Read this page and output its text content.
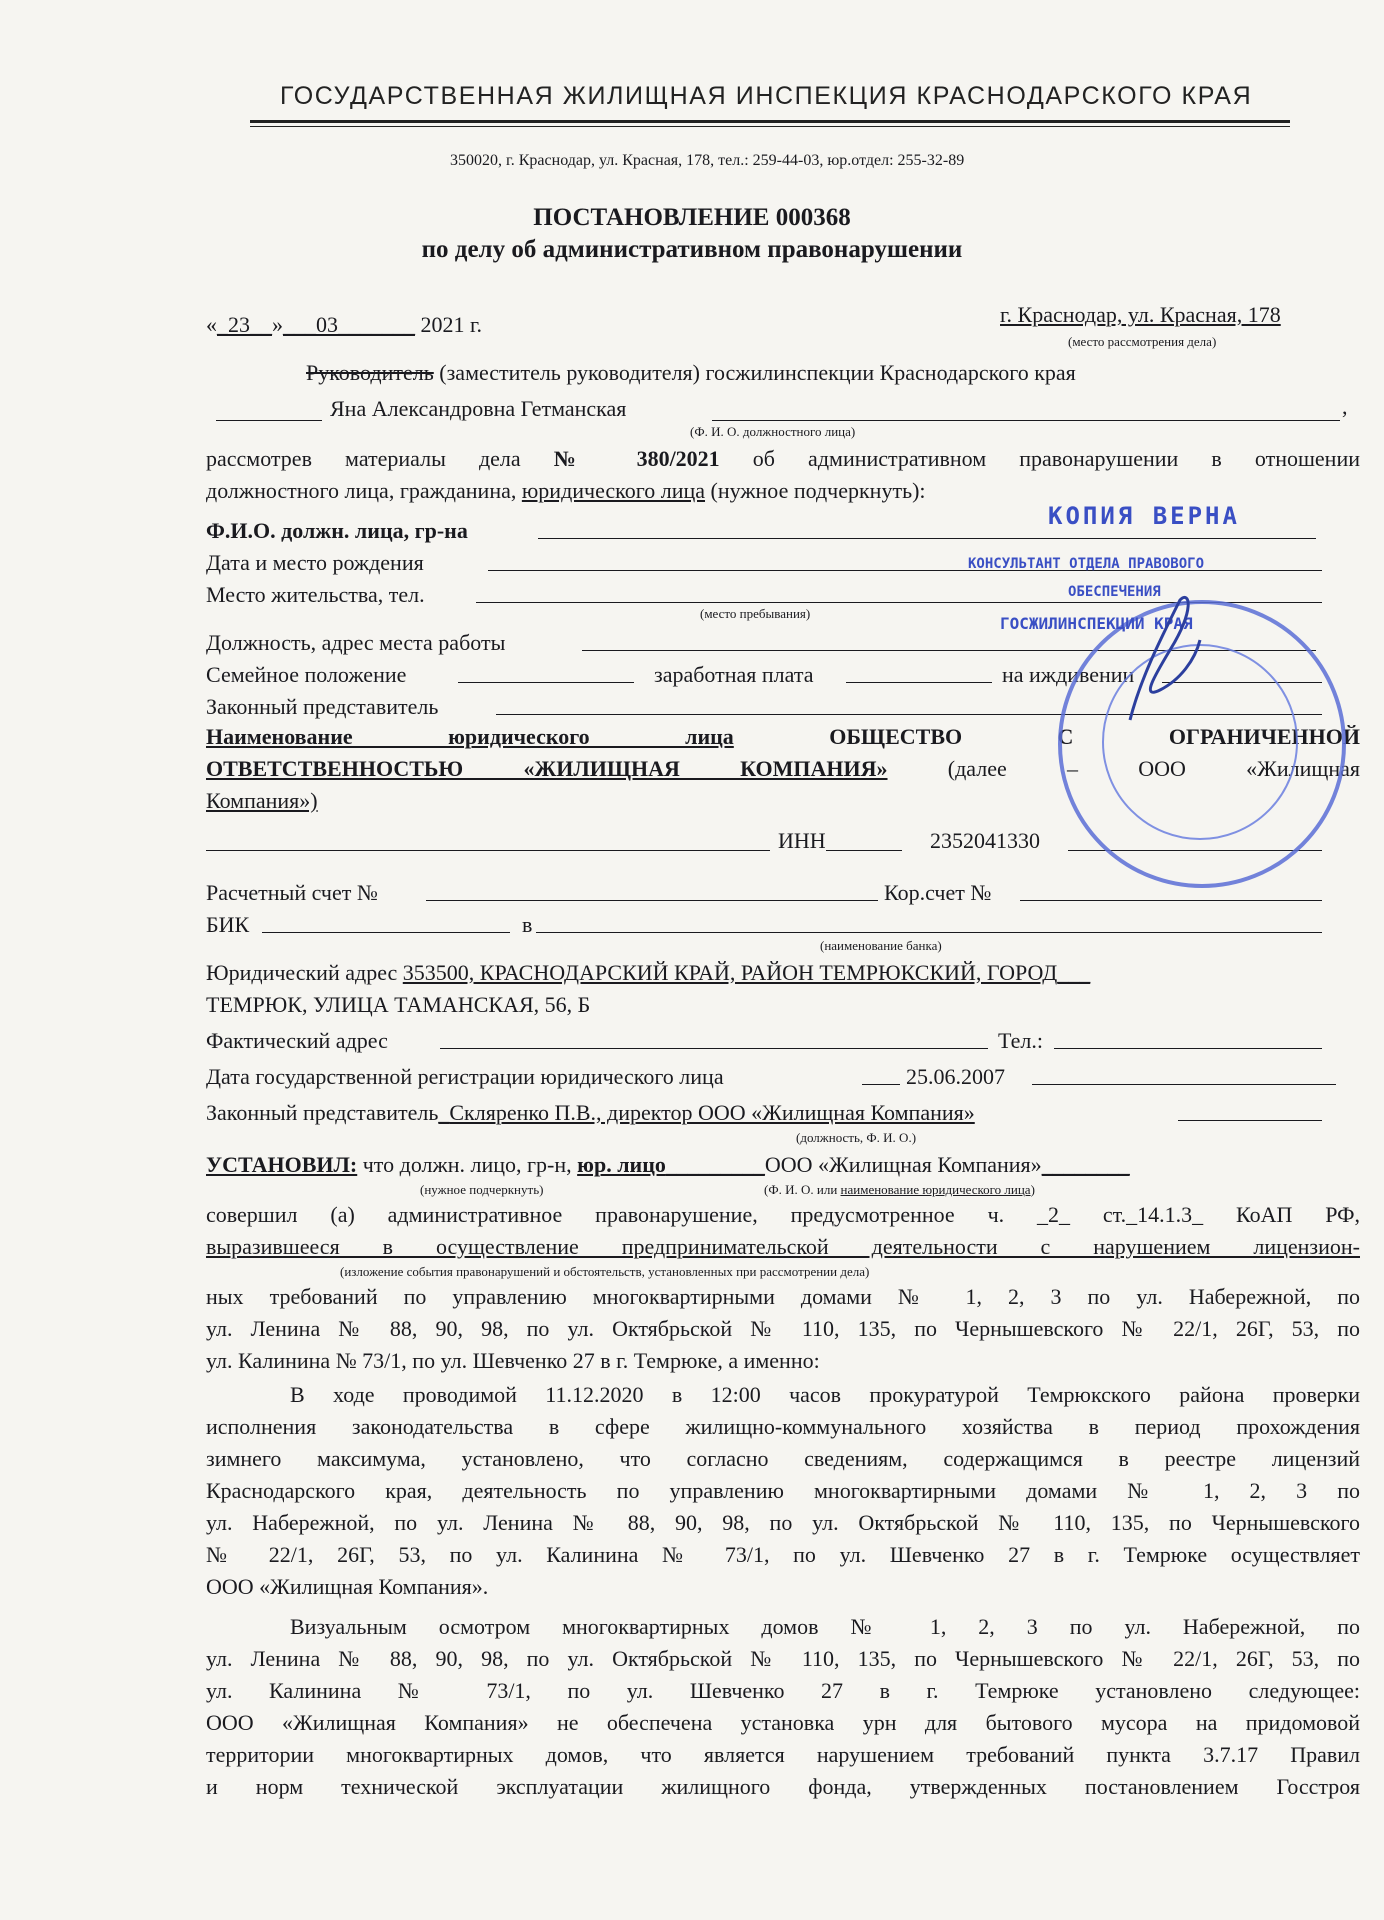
ГОСУДАРСТВЕННАЯ ЖИЛИЩНАЯ ИНСПЕКЦИЯ КРАСНОДАРСКОГО КРАЯ
350020, г. Краснодар, ул. Красная, 178, тел.: 259-44-03, юр.отдел: 255-32-89
ПОСТАНОВЛЕНИЕ 000368
по делу об административном правонарушении
«_23__»___03_______ 2021 г.	г. Краснодар, ул. Красная, 178
(место рассмотрения дела)
Руководитель (заместитель руководителя) госжилинспекции Краснодарского края
Яна Александровна Гетманская	,
(Ф. И. О. должностного лица)
рассмотрев материалы дела № 380/2021 об административном правонарушении в отношении
должностного лица, гражданина, юридического лица (нужное подчеркнуть):
Ф.И.О. должн. лица, гр-на
Дата и место рождения
Место жительства, тел.
(место пребывания)
Должность, адрес места работы
Семейное положение	заработная плата	на иждивении
Законный представитель
Наименование юридического лица	ОБЩЕСТВО С ОГРАНИЧЕННОЙ
ОТВЕТСТВЕННОСТЬЮ «ЖИЛИЩНАЯ КОМПАНИЯ» (далее – ООО «Жилищная
Компания»)
ИНН	2352041330
Расчетный счет №	Кор.счет №
БИК	в
(наименование банка)
Юридический адрес 353500, КРАСНОДАРСКИЙ КРАЙ, РАЙОН ТЕМРЮКСКИЙ, ГОРОД___
ТЕМРЮК, УЛИЦА ТАМАНСКАЯ, 56, Б
Фактический адрес	Тел.:
Дата государственной регистрации юридического лица	25.06.2007
Законный представитель_Скляренко П.В., директор ООО «Жилищная Компания»
(должность, Ф. И. О.)
УСТАНОВИЛ: что должн. лицо, гр-н, юр. лицо_________ООО «Жилищная Компания»________
(нужное подчеркнуть)	(Ф. И. О. или наименование юридического лица)
совершил (а) административное правонарушение, предусмотренное ч. _2_ ст._14.1.3_ КоАП РФ,
выразившееся в осуществление предпринимательской деятельности с нарушением лицензион-
(изложение события правонарушений и обстоятельств, установленных при рассмотрении дела)
ных требований по управлению многоквартирными домами № 1, 2, 3 по ул. Набережной, по
ул. Ленина № 88, 90, 98, по ул. Октябрьской № 110, 135, по Чернышевского № 22/1, 26Г, 53, по
ул. Калинина № 73/1, по ул. Шевченко 27 в г. Темрюке, а именно:
В ходе проводимой 11.12.2020 в 12:00 часов прокуратурой Темрюкского района проверки
исполнения законодательства в сфере жилищно-коммунального хозяйства в период прохождения
зимнего максимума, установлено, что согласно сведениям, содержащимся в реестре лицензий
Краснодарского края, деятельность по управлению многоквартирными домами № 1, 2, 3 по
ул. Набережной, по ул. Ленина № 88, 90, 98, по ул. Октябрьской № 110, 135, по Чернышевского
№ 22/1, 26Г, 53, по ул. Калинина № 73/1, по ул. Шевченко 27 в г. Темрюке осуществляет
ООО «Жилищная Компания».
Визуальным осмотром многоквартирных домов № 1, 2, 3 по ул. Набережной, по
ул. Ленина № 88, 90, 98, по ул. Октябрьской № 110, 135, по Чернышевского № 22/1, 26Г, 53, по
ул. Калинина № 73/1, по ул. Шевченко 27 в г. Темрюке установлено следующее:
ООО «Жилищная Компания» не обеспечена установка урн для бытового мусора на придомовой
территории многоквартирных домов, что является нарушением требований пункта 3.7.17 Правил
и норм технической эксплуатации жилищного фонда, утвержденных постановлением Госстроя
КОПИЯ ВЕРНА
КОНСУЛЬТАНТ ОТДЕЛА ПРАВОВОГО
ОБЕСПЕЧЕНИЯ
ГОСЖИЛИНСПЕКЦИИ КРАЯ
